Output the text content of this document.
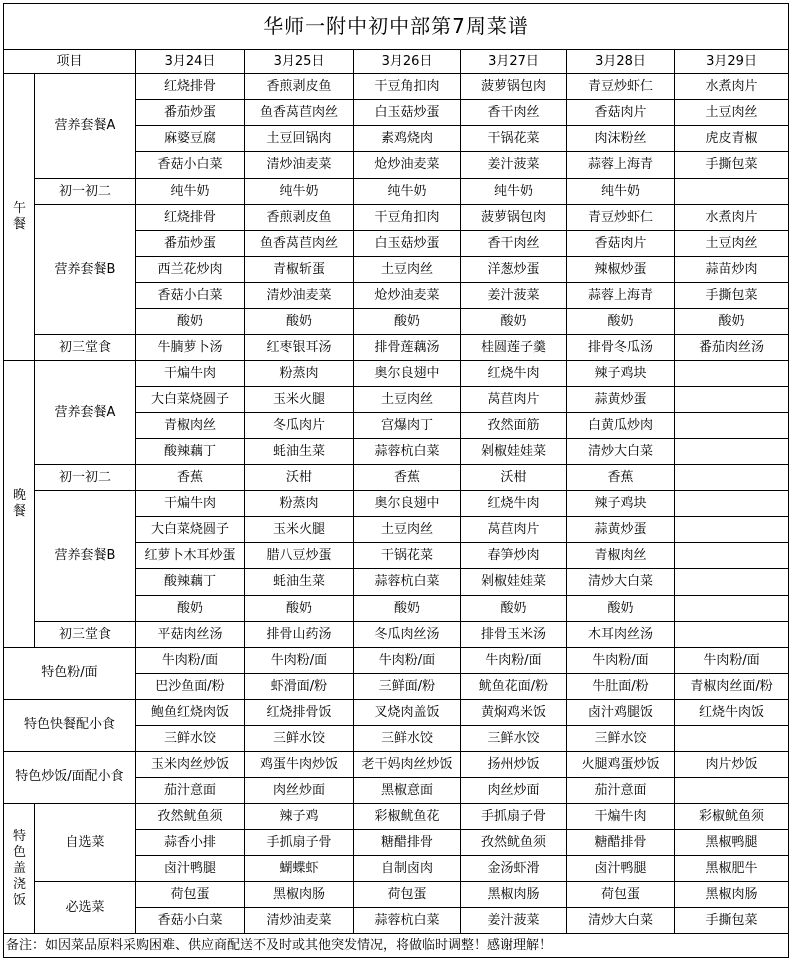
华师一附中初中部第7周菜谱							
项目		3月24日	3月25日	3月26日	3月27日	3月28日	3月29日
午餐	营养套餐A	红烧排骨	香煎剥皮鱼	干豆角扣肉	菠萝锅包肉	青豆炒虾仁	水煮肉片
		番茄炒蛋	鱼香莴苣肉丝	白玉菇炒蛋	香干肉丝	香菇肉片	土豆肉丝
		麻婆豆腐	土豆回锅肉	素鸡烧肉	干锅花菜	肉沫粉丝	虎皮青椒
		香菇小白菜	清炒油麦菜	炝炒油麦菜	姜汁菠菜	蒜蓉上海青	手撕包菜
	初一初二	纯牛奶	纯牛奶	纯牛奶	纯牛奶	纯牛奶	
	营养套餐B	红烧排骨	香煎剥皮鱼	干豆角扣肉	菠萝锅包肉	青豆炒虾仁	水煮肉片
		番茄炒蛋	鱼香莴苣肉丝	白玉菇炒蛋	香干肉丝	香菇肉片	土豆肉丝
		西兰花炒肉	青椒斩蛋	土豆肉丝	洋葱炒蛋	辣椒炒蛋	蒜苗炒肉
		香菇小白菜	清炒油麦菜	炝炒油麦菜	姜汁菠菜	蒜蓉上海青	手撕包菜
		酸奶	酸奶	酸奶	酸奶	酸奶	酸奶
	初三堂食	牛腩萝卜汤	红枣银耳汤	排骨莲藕汤	桂圆莲子羹	排骨冬瓜汤	番茄肉丝汤
晚餐	营养套餐A	干煸牛肉	粉蒸肉	奥尔良翅中	红烧牛肉	辣子鸡块	
		大白菜烧圆子	玉米火腿	土豆肉丝	莴苣肉片	蒜黄炒蛋	
		青椒肉丝	冬瓜肉片	宫爆肉丁	孜然面筋	白黄瓜炒肉	
		酸辣藕丁	蚝油生菜	蒜蓉杭白菜	剁椒娃娃菜	清炒大白菜	
	初一初二	香蕉	沃柑	香蕉	沃柑	香蕉	
	营养套餐B	干煸牛肉	粉蒸肉	奥尔良翅中	红烧牛肉	辣子鸡块	
		大白菜烧圆子	玉米火腿	土豆肉丝	莴苣肉片	蒜黄炒蛋	
		红萝卜木耳炒蛋	腊八豆炒蛋	干锅花菜	春笋炒肉	青椒肉丝	
		酸辣藕丁	蚝油生菜	蒜蓉杭白菜	剁椒娃娃菜	清炒大白菜	
		酸奶	酸奶	酸奶	酸奶	酸奶	
	初三堂食	平菇肉丝汤	排骨山药汤	冬瓜肉丝汤	排骨玉米汤	木耳肉丝汤	
特色粉/面		牛肉粉/面	牛肉粉/面	牛肉粉/面	牛肉粉/面	牛肉粉/面	牛肉粉/面
		巴沙鱼面/粉	虾滑面/粉	三鲜面/粉	鱿鱼花面/粉	牛肚面/粉	青椒肉丝面/粉
特色快餐配小食		鲍鱼红烧肉饭	红烧排骨饭	叉烧肉盖饭	黄焖鸡米饭	卤汁鸡腿饭	红烧牛肉饭
		三鲜水饺	三鲜水饺	三鲜水饺	三鲜水饺	三鲜水饺	
特色炒饭/面配小食		玉米肉丝炒饭	鸡蛋牛肉炒饭	老干妈肉丝炒饭	扬州炒饭	火腿鸡蛋炒饭	肉片炒饭
		茄汁意面	肉丝炒面	黑椒意面	肉丝炒面	茄汁意面	
特色盖浇饭	自选菜	孜然鱿鱼须	辣子鸡	彩椒鱿鱼花	手抓扇子骨	干煸牛肉	彩椒鱿鱼须
		蒜香小排	手抓扇子骨	糖醋排骨	孜然鱿鱼须	糖醋排骨	黑椒鸭腿
		卤汁鸭腿	蝴蝶虾	自制卤肉	金汤虾滑	卤汁鸭腿	黑椒肥牛
	必选菜	荷包蛋	黑椒肉肠	荷包蛋	黑椒肉肠	荷包蛋	黑椒肉肠
		香菇小白菜	清炒油麦菜	蒜蓉杭白菜	姜汁菠菜	清炒大白菜	手撕包菜
备注：如因菜品原料采购困难、供应商配送不及时或其他突发情况，将做临时调整！感谢理解！							
